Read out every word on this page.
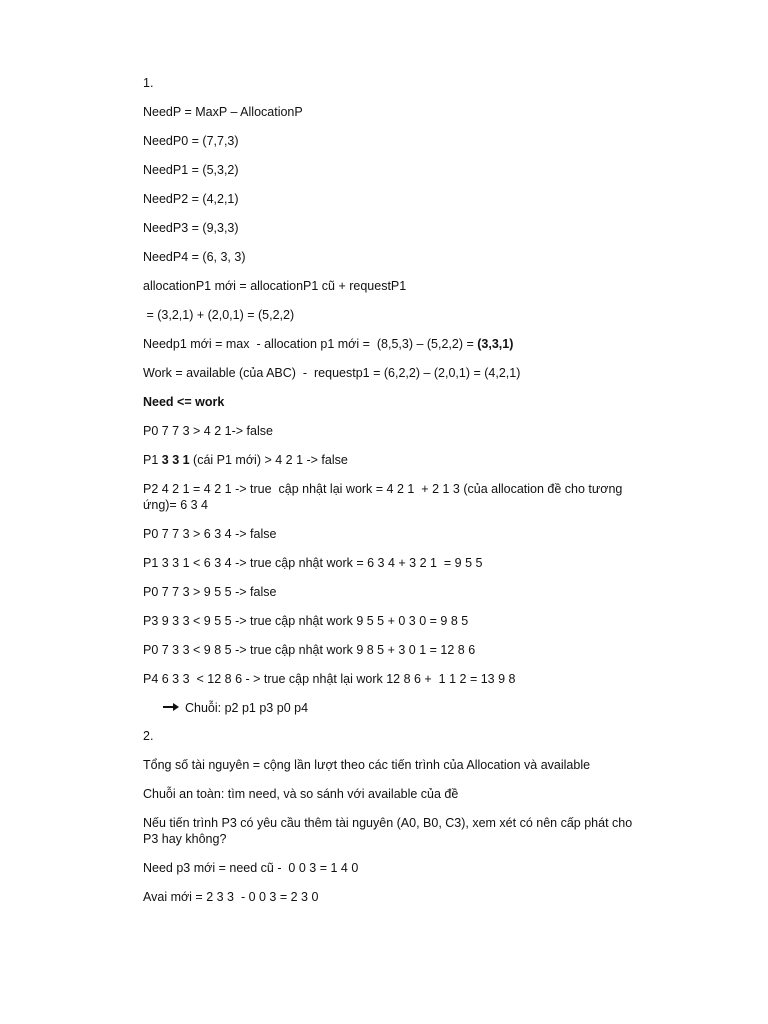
1.

NeedP = MaxP – AllocationP

NeedP0 = (7,7,3)

NeedP1 = (5,3,2)

NeedP2 = (4,2,1)

NeedP3 = (9,3,3)

NeedP4 = (6, 3, 3)

allocationP1 mới = allocationP1 cũ + requestP1

= (3,2,1) + (2,0,1) = (5,2,2)

Needp1 mới = max  - allocation p1 mới =  (8,5,3) – (5,2,2) = (3,3,1)

Work = available (của ABC)  -  requestp1 = (6,2,2) – (2,0,1) = (4,2,1)

Need <= work

P0 7 7 3 > 4 2 1-> false

P1 3 3 1 (cái P1 mới) > 4 2 1 -> false

P2 4 2 1 = 4 2 1 -> true  cập nhật lại work = 4 2 1  + 2 1 3 (của allocation đề cho tương ứng)= 6 3 4

P0 7 7 3 > 6 3 4 -> false

P1 3 3 1 < 6 3 4 -> true cập nhật work = 6 3 4 + 3 2 1  = 9 5 5

P0 7 7 3 > 9 5 5 -> false

P3 9 3 3 < 9 5 5 -> true cập nhật work 9 5 5 + 0 3 0 = 9 8 5

P0 7 3 3 < 9 8 5 -> true cập nhật work 9 8 5 + 3 0 1 = 12 8 6

P4 6 3 3  < 12 8 6 - > true cập nhật lại work 12 8 6 +  1 1 2 = 13 9 8

Chuỗi: p2 p1 p3 p0 p4

2.

Tổng số tài nguyên = cộng lần lượt theo các tiến trình của Allocation và available

Chuỗi an toàn: tìm need, và so sánh với available của đề

Nếu tiến trình P3 có yêu cầu thêm tài nguyên (A0, B0, C3), xem xét có nên cấp phát cho P3 hay không?

Need p3 mới = need cũ -  0 0 3 = 1 4 0

Avai mới = 2 3 3  - 0 0 3 = 2 3 0
